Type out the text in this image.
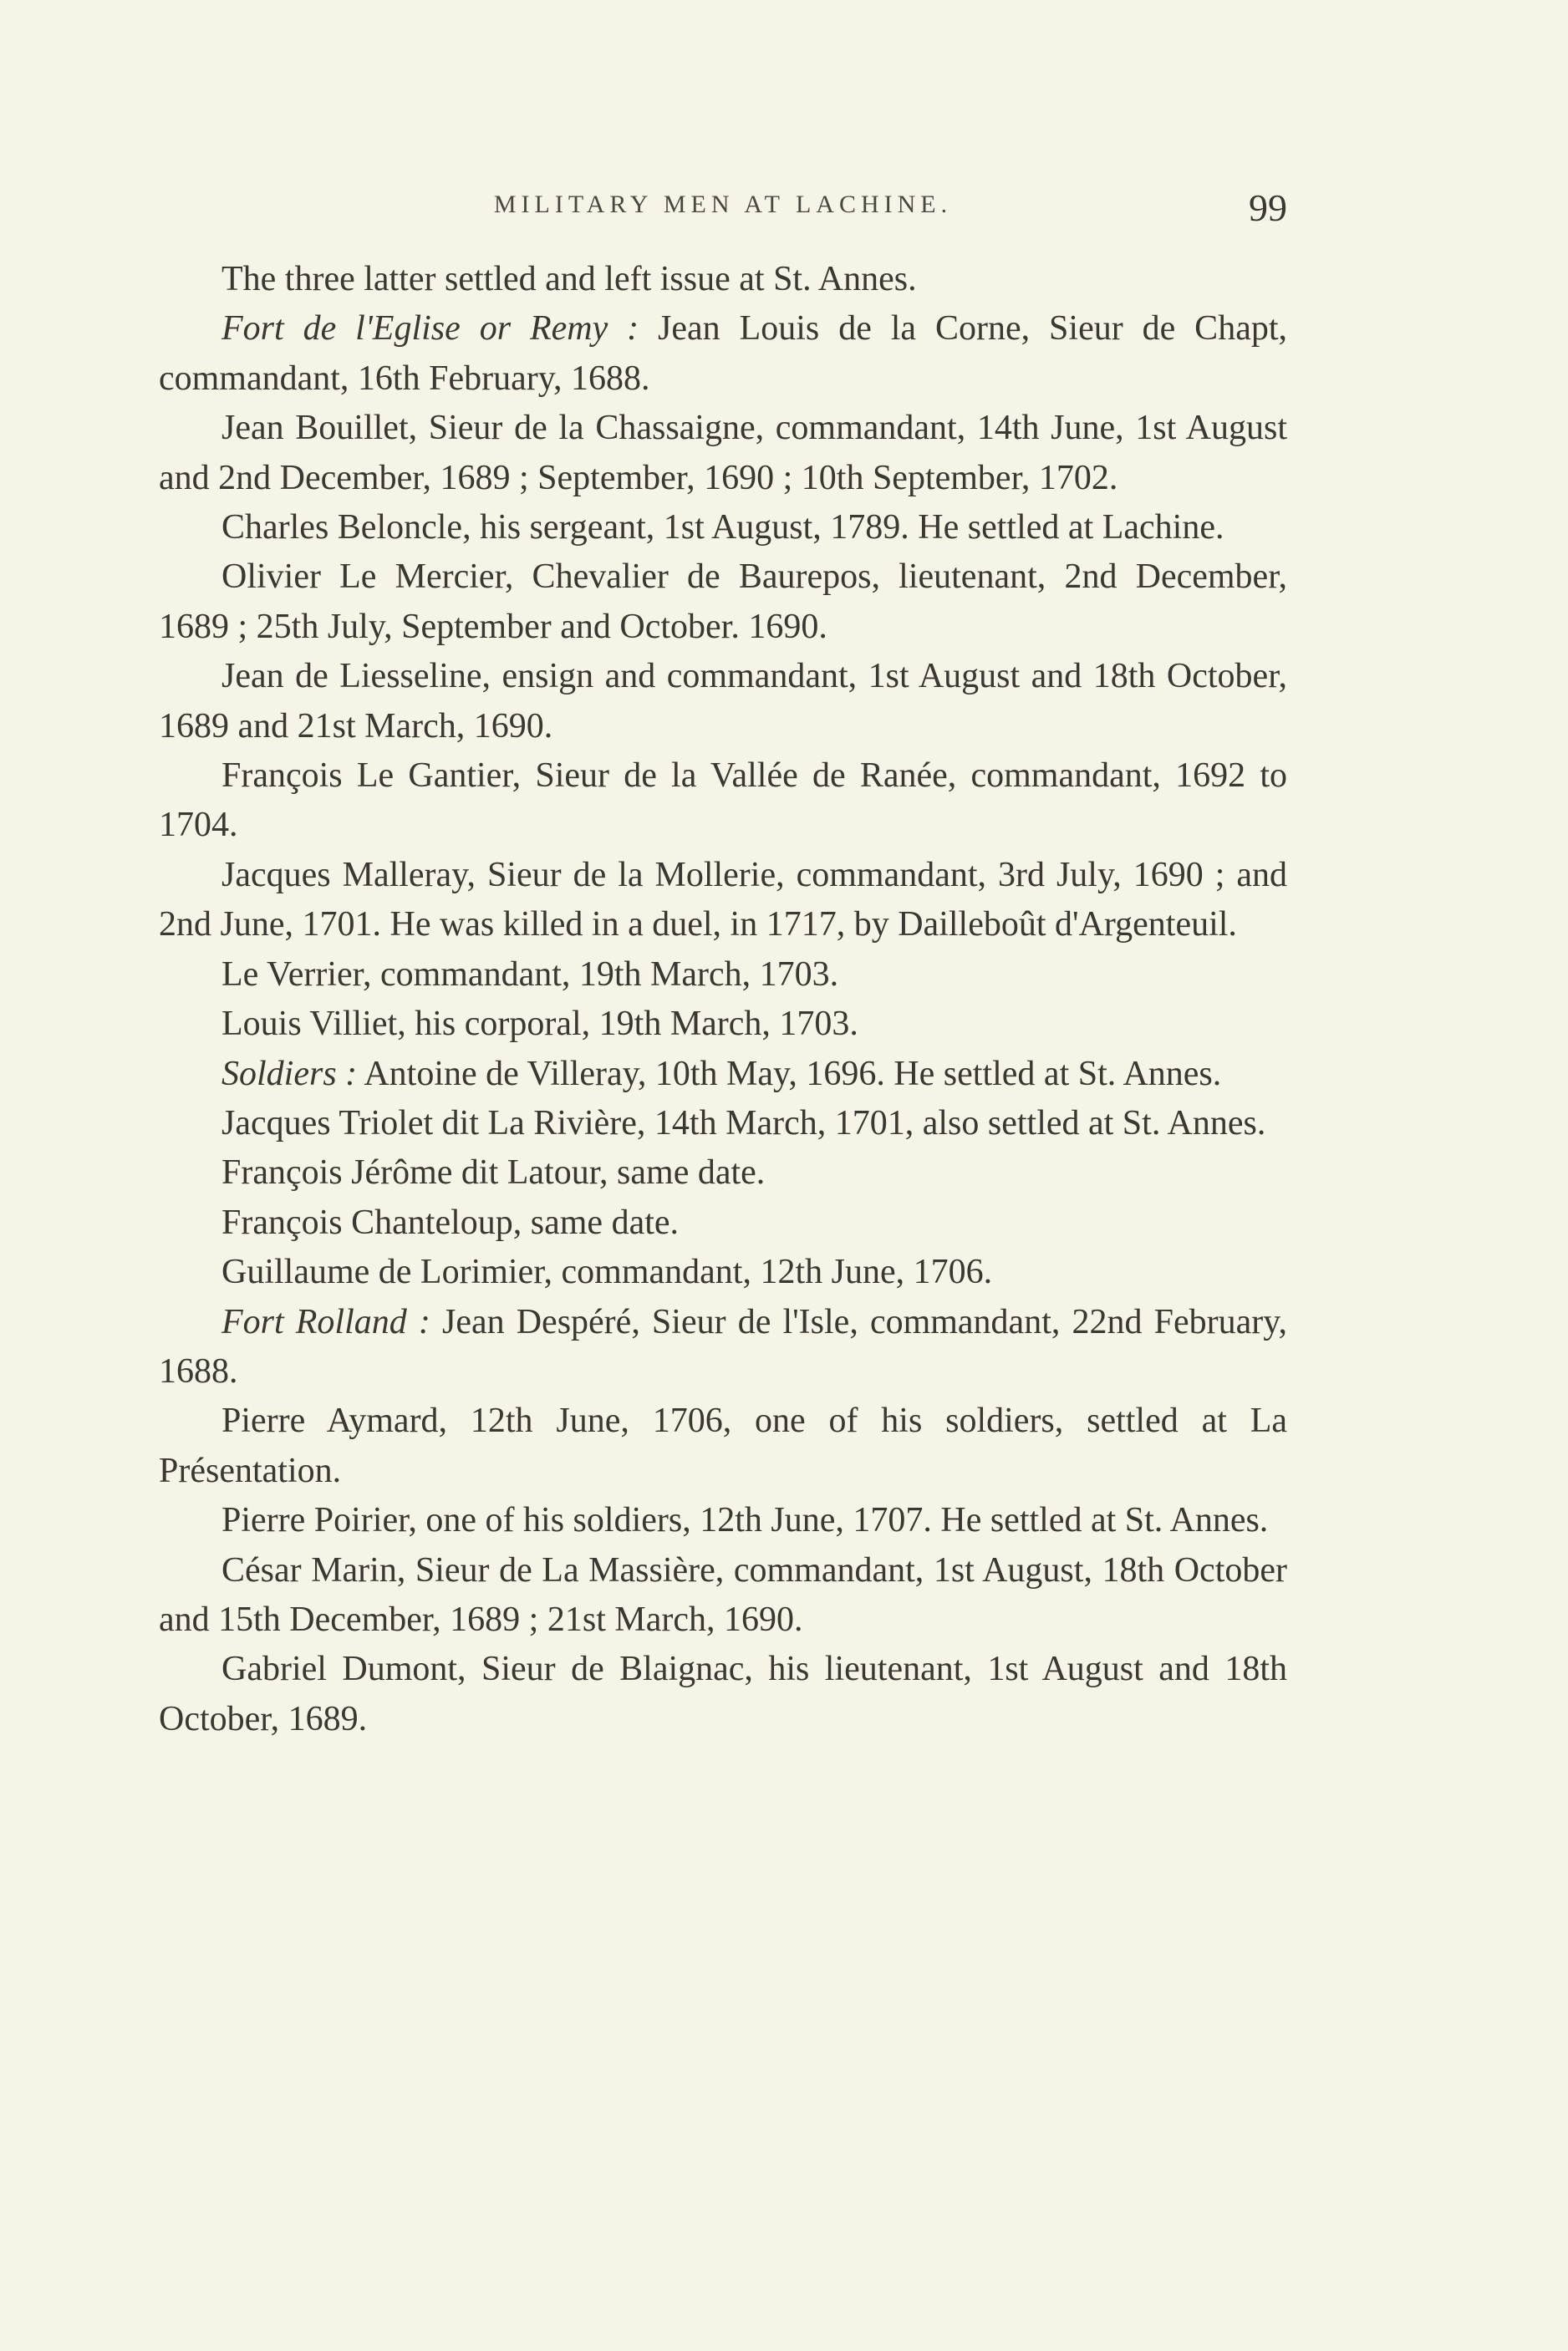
MILITARY MEN AT LACHINE.	99

The three latter settled and left issue at St. Annes.

Fort de l'Eglise or Remy : Jean Louis de la Corne, Sieur de Chapt, commandant, 16th February, 1688.

Jean Bouillet, Sieur de la Chassaigne, commandant, 14th June, 1st August and 2nd December, 1689 ; September, 1690 ; 10th September, 1702.

Charles Beloncle, his sergeant, 1st August, 1789. He settled at Lachine.

Olivier Le Mercier, Chevalier de Baurepos, lieutenant, 2nd December, 1689 ; 25th July, September and October. 1690.

Jean de Liesseline, ensign and commandant, 1st August and 18th October, 1689 and 21st March, 1690.

François Le Gantier, Sieur de la Vallée de Ranée, commandant, 1692 to 1704.

Jacques Malleray, Sieur de la Mollerie, commandant, 3rd July, 1690 ; and 2nd June, 1701. He was killed in a duel, in 1717, by Dailleboût d'Argenteuil.

Le Verrier, commandant, 19th March, 1703.

Louis Villiet, his corporal, 19th March, 1703.

Soldiers : Antoine de Villeray, 10th May, 1696. He settled at St. Annes.

Jacques Triolet dit La Rivière, 14th March, 1701, also settled at St. Annes.

François Jérôme dit Latour, same date.

François Chanteloup, same date.

Guillaume de Lorimier, commandant, 12th June, 1706.

Fort Rolland : Jean Despéré, Sieur de l'Isle, commandant, 22nd February, 1688.

Pierre Aymard, 12th June, 1706, one of his soldiers, settled at La Présentation.

Pierre Poirier, one of his soldiers, 12th June, 1707. He settled at St. Annes.

César Marin, Sieur de La Massière, commandant, 1st August, 18th October and 15th December, 1689 ; 21st March, 1690.

Gabriel Dumont, Sieur de Blaignac, his lieutenant, 1st August and 18th October, 1689.
